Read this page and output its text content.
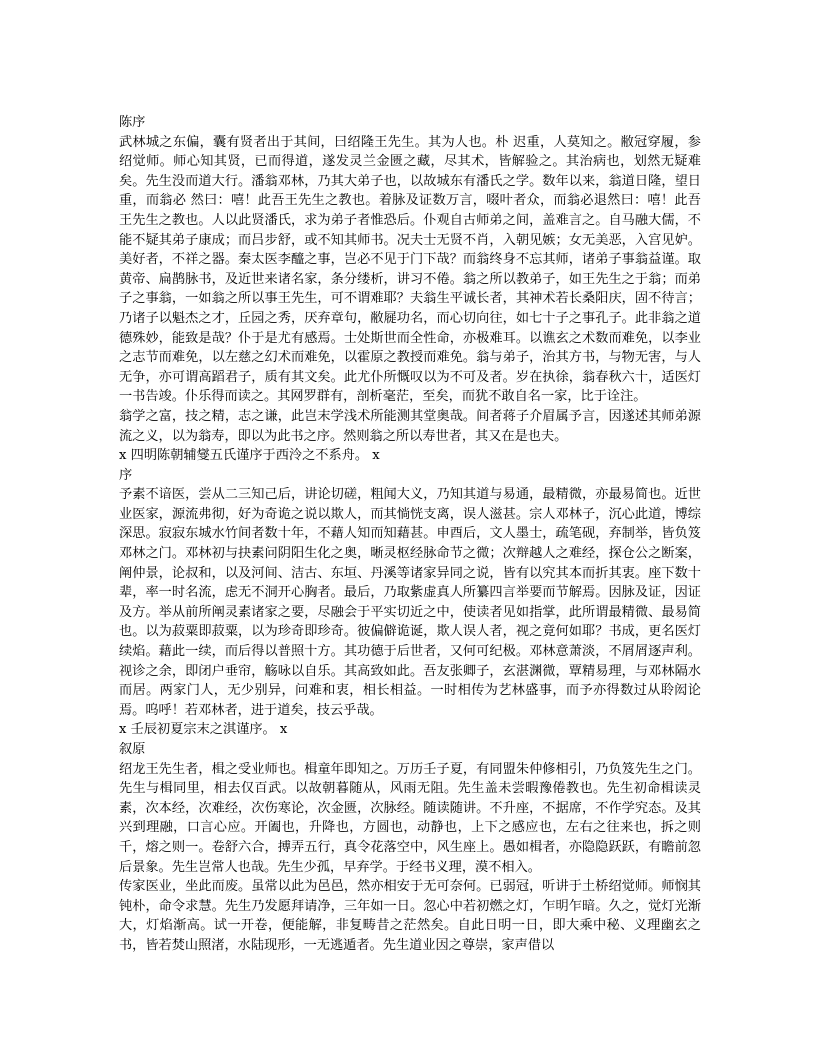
陈序

武林城之东偏，囊有贤者出于其间，曰绍隆王先生。其为人也。朴 迟重，人莫知之。敝冠穿履，参绍觉师。师心知其贤，已而得道，遂发灵兰金匮之藏，尽其术，皆解验之。其治病也，划然无疑难矣。先生没而道大行。潘翁邓林，乃其大弟子也，以故城东有潘氏之学。数年以来，翁道日隆，望日重，而翁必 然曰：嘻！此吾王先生之教也。着脉及证数万言，啜叶者众，而翁必退然曰：嘻！此吾王先生之教也。人以此贤潘氏，求为弟子者惟恐后。仆观自古师弟之间，盖难言之。自马融大儒，不能不疑其弟子康成；而吕步舒，或不知其师书。况夫士无贤不肖，入朝见嫉；女无美恶，入宫见妒。美好者，不祥之器。秦太医李醯之事，岂必不见于门下哉？而翁终身不忘其师，诸弟子事翁益谨。取黄帝、扁鹊脉书，及近世来诸名家，条分缕析，讲习不倦。翁之所以教弟子，如王先生之于翁；而弟子之事翁，一如翁之所以事王先生，可不谓难耶？夫翁生平诚长者，其神术若长桑阳庆，固不待言；乃诸子以魁杰之才，丘园之秀，厌弃章句，敝屣功名，而心切向往，如七十子之事孔子。此非翁之道德殊妙，能致是哉？仆于是尤有感焉。士处斯世而全性命，亦极难耳。以谯玄之术数而难免，以李业之志节而难免，以左慈之幻术而难免，以霍原之教授而难免。翁与弟子，治其方书，与物无害，与人无争，亦可谓高蹈君子，质有其文矣。此尤仆所慨叹以为不可及者。岁在执徐，翁春秋六十，适医灯一书告竣。仆乐得而读之。其网罗群有，剖析毫茫，至矣，而犹不敢自名一家，比于诠注。

翁学之富，技之精，志之谦，此岂末学浅术所能测其堂奥哉。间者蒋子介眉属予言，因遂述其师弟源流之义，以为翁寿，即以为此书之序。然则翁之所以寿世者，其又在是也夫。

x 四明陈朝辅燮五氏谨序于西泠之不系舟。 x

序

予素不谙医，尝从二三知己后，讲论切磋，粗闻大义，乃知其道与易通，最精微，亦最易简也。近世业医家，源流弗彻，好为奇诡之说以欺人，而其惝恍支离，误人滋甚。宗人邓林子，沉心此道，博综深思。寂寂东城水竹间者数十年，不藉人知而知藉甚。申酉后，文人墨士，疏笔砚，弃制举，皆负笈邓林之门。邓林初与抉素问阴阳生化之奥，晰灵枢经脉命节之微；次辩越人之难经，探仓公之断案，阐仲景，论叔和，以及河间、洁古、东垣、丹溪等诸家异同之说，皆有以究其本而折其衷。座下数十辈，率一时名流，虑无不洞开心胸者。最后，乃取紫虚真人所纂四言举要而节解焉。因脉及证，因证及方。举从前所阐灵素诸家之要，尽融会于平实切近之中，使读者见如指掌，此所谓最精微、最易简也。以为菽粟即菽粟，以为珍奇即珍奇。彼偏僻诡诞，欺人误人者，视之竟何如耶？书成，更名医灯续焰。藉此一续，而后得以普照十方。其功德于后世者，又何可纪极。邓林意萧淡，不屑屑逐声利。视诊之余，即闭户垂帘，觞咏以自乐。其高致如此。吾友张卿子，玄湛渊微，覃精易理，与邓林隔水而居。两家门人，无少别异，问难和衷，相长相益。一时相传为艺林盛事，而予亦得数过从聆闳论焉。呜呼！若邓林者，进于道矣，技云乎哉。

x 壬辰初夏宗末之淇谨序。 x

叙原

绍龙王先生者，楫之受业师也。楫童年即知之。万历壬子夏，有同盟朱仲修相引，乃负笈先生之门。先生与楫同里，相去仅百武。以故朝暮随从，风雨无阻。先生盖未尝暇豫倦教也。先生初命楫读灵素，次本经，次难经，次伤寒论，次金匮，次脉经。随读随讲。不升座，不据席，不作学究态。及其兴到理融，口言心应。开阖也，升降也，方圆也，动静也，上下之感应也，左右之往来也，拆之则千，熔之则一。卷舒六合，搏弄五行，真令花落空中，风生座上。愚如楫者，亦隐隐跃跃，有瞻前忽后景象。先生岂常人也哉。先生少孤，早弃学。于经书义理，漠不相入。

传家医业，坐此而废。虽常以此为邑邑，然亦相安于无可奈何。已弱冠，听讲于土桥绍觉师。师悯其钝朴，命令求慧。先生乃发愿拜请净，三年如一日。忽心中若初燃之灯，乍明乍暗。久之，觉灯光渐大，灯焰渐高。试一开卷，便能解，非复畴昔之茫然矣。自此日明一日，即大乘中秘、义理幽玄之书，皆若焚山照渚，水陆现形，一无逃遁者。先生道业因之尊崇，家声借以
